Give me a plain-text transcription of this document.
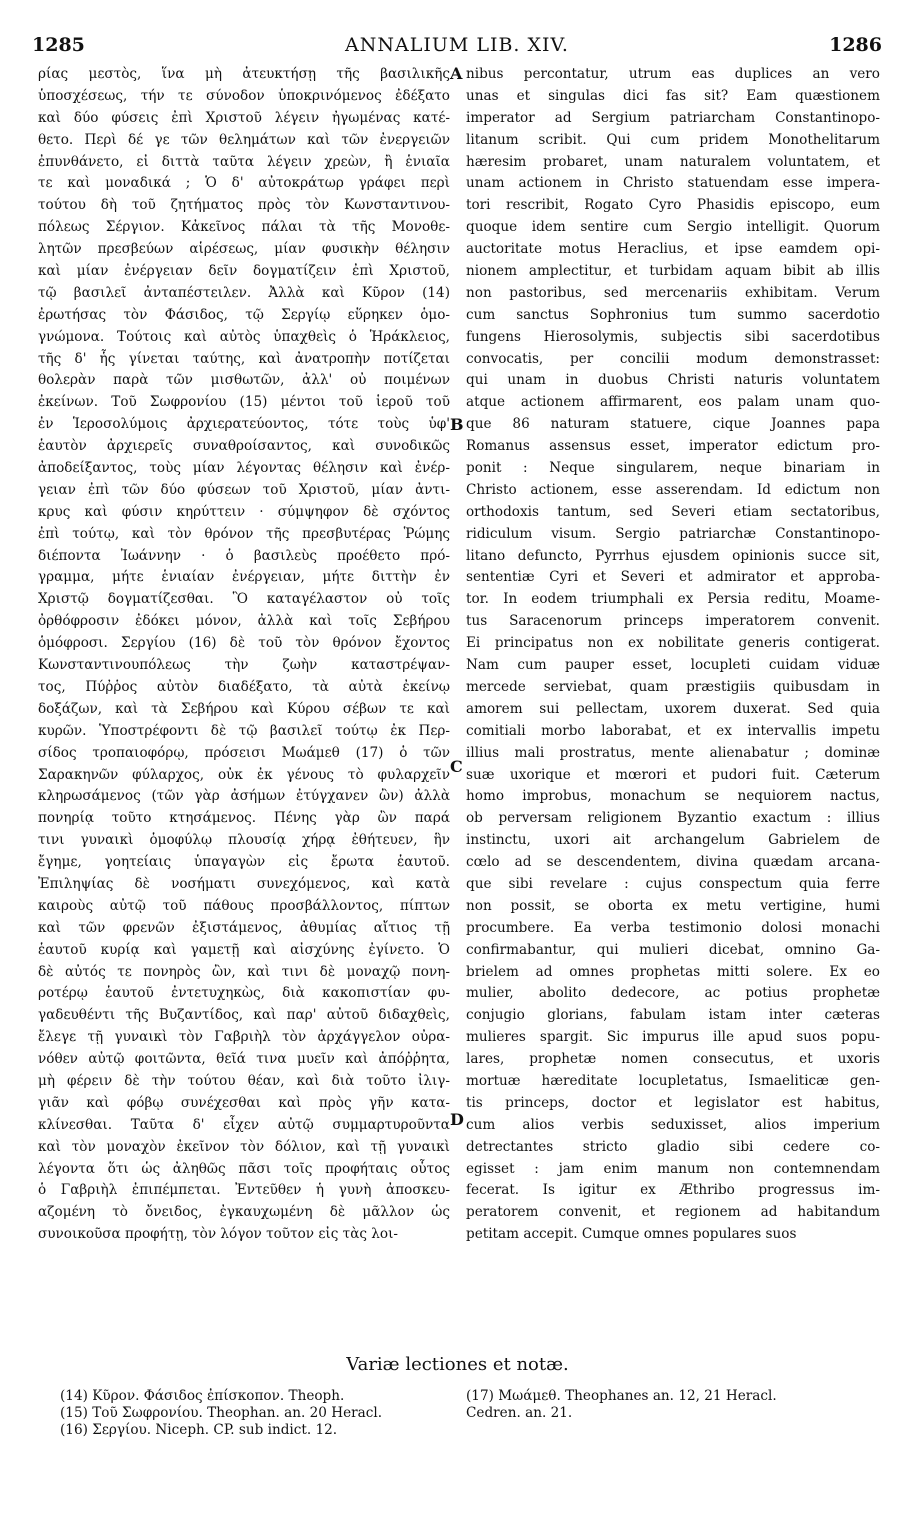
1285	ANNALIUM LIB. XIV.	1286
ρίας μεστὸς, ἵνα μὴ ἀτευκτήσῃ τῆς βασιλικῆς
ὑποσχέσεως, τήν τε σύνοδον ὑποκρινόμενος ἐδέξατο
καὶ δύο φύσεις ἐπὶ Χριστοῦ λέγειν ἠγωμένας κατέ-
θετο. Περὶ δέ γε τῶν θελημάτων καὶ τῶν ἐνεργειῶν
ἐπυνθάνετο, εἰ διττὰ ταῦτα λέγειν χρεὼν, ἢ ἑνιαῖα
τε καὶ μοναδικά ; Ὁ δ' αὐτοκράτωρ γράφει περὶ
τούτου δὴ τοῦ ζητήματος πρὸς τὸν Κωνσταντινου-
πόλεως Σέργιον. Κἀκεῖνος πάλαι τὰ τῆς Μονοθε-
λητῶν πρεσβεύων αἱρέσεως, μίαν φυσικὴν θέλησιν
καὶ μίαν ἐνέργειαν δεῖν δογματίζειν ἐπὶ Χριστοῦ,
τῷ βασιλεῖ ἀνταπέστειλεν. Ἀλλὰ καὶ Κῦρον (14)
ἐρωτήσας τὸν Φάσιδος, τῷ Σεργίῳ εὕρηκεν ὁμο-
γνώμονα. Τούτοις καὶ αὐτὸς ὑπαχθεὶς ὁ Ἡράκλειος,
τῆς δ' ἧς γίνεται ταύτης, καὶ ἀνατροπὴν ποτίζεται
θολερὰν παρὰ τῶν μισθωτῶν, ἀλλ' οὐ ποιμένων
ἐκείνων. Τοῦ Σωφρονίου (15) μέντοι τοῦ ἱεροῦ τοῦ
ἐν Ἱεροσολύμοις ἀρχιερατεύοντος, τότε τοὺς ὑφ'
ἑαυτὸν ἀρχιερεῖς συναθροίσαντος, καὶ συνοδικῶς
ἀποδείξαντος, τοὺς μίαν λέγοντας θέλησιν καὶ ἐνέρ-
γειαν ἐπὶ τῶν δύο φύσεων τοῦ Χριστοῦ, μίαν ἀντι-
κρυς καὶ φύσιν κηρύττειν · σύμψηφον δὲ σχόντος
ἐπὶ τούτῳ, καὶ τὸν θρόνον τῆς πρεσβυτέρας Ῥώμης
διέποντα Ἰωάννην · ὁ βασιλεὺς προέθετο πρό-
γραμμα, μήτε ἑνιαίαν ἐνέργειαν, μήτε διττὴν ἐν
Χριστῷ δογματίζεσθαι. Ὃ καταγέλαστον οὐ τοῖς
ὀρθόφροσιν ἐδόκει μόνον, ἀλλὰ καὶ τοῖς Σεβήρου
ὁμόφροσι. Σεργίου (16) δὲ τοῦ τὸν θρόνον ἔχοντος
Κωνσταντινουπόλεως τὴν ζωὴν καταστρέψαν-
τος, Πύῤῥος αὐτὸν διαδέξατο, τὰ αὐτὰ ἐκείνῳ
δοξάζων, καὶ τὰ Σεβήρου καὶ Κύρου σέβων τε καὶ
κυρῶν. Ὑποστρέφοντι δὲ τῷ βασιλεῖ τούτῳ ἐκ Περ-
σίδος τροπαιοφόρῳ, πρόσεισι Μωάμεθ (17) ὁ τῶν
Σαρακηνῶν φύλαρχος, οὐκ ἐκ γένους τὸ φυλαρχεῖν
κληρωσάμενος (τῶν γὰρ ἀσήμων ἐτύγχανεν ὢν) ἀλλὰ
πονηρίᾳ τοῦτο κτησάμενος. Πένης γὰρ ὢν παρά
τινι γυναικὶ ὁμοφύλῳ πλουσίᾳ χήρᾳ ἐθήτευεν, ἣν
ἔγημε, γοητείαις ὑπαγαγὼν εἰς ἔρωτα ἑαυτοῦ.
Ἐπιληψίας δὲ νοσήματι συνεχόμενος, καὶ κατὰ
καιροὺς αὐτῷ τοῦ πάθους προσβάλλοντος, πίπτων
καὶ τῶν φρενῶν ἐξιστάμενος, ἀθυμίας αἴτιος τῇ
ἑαυτοῦ κυρίᾳ καὶ γαμετῇ καὶ αἰσχύνης ἐγίνετο. Ὁ
δὲ αὐτός τε πονηρὸς ὢν, καὶ τινι δὲ μοναχῷ πονη-
ροτέρῳ ἑαυτοῦ ἐντετυχηκὼς, διὰ κακοπιστίαν φυ-
γαδευθέντι τῆς Βυζαντίδος, καὶ παρ' αὐτοῦ διδαχθεὶς,
ἔλεγε τῇ γυναικὶ τὸν Γαβριὴλ τὸν ἀρχάγγελον οὐρα-
νόθεν αὐτῷ φοιτῶντα, θεῖά τινα μυεῖν καὶ ἀπόῤῥητα,
μὴ φέρειν δὲ τὴν τούτου θέαν, καὶ διὰ τοῦτο ἰλιγ-
γιᾶν καὶ φόβῳ συνέχεσθαι καὶ πρὸς γῆν κατα-
κλίνεσθαι. Ταῦτα δ' εἶχεν αὐτῷ συμμαρτυροῦντα
καὶ τὸν μοναχὸν ἐκεῖνον τὸν δόλιον, καὶ τῇ γυναικὶ
λέγοντα ὅτι ὡς ἀληθῶς πᾶσι τοῖς προφήταις οὗτος
ὁ Γαβριὴλ ἐπιπέμπεται. Ἐντεῦθεν ἡ γυνὴ ἀποσκευ-
αζομένη τὸ ὄνειδος, ἐγκαυχωμένη δὲ μᾶλλον ὡς
συνοικοῦσα προφήτῃ, τὸν λόγον τοῦτον εἰς τὰς λοι-
nibus percontatur, utrum eas duplices an vero
unas et singulas dici fas sit? Eam quæstionem
imperator ad Sergium patriarcham Constantinopo-
litanum scribit. Qui cum pridem Monothelitarum
hæresim probaret, unam naturalem voluntatem, et
unam actionem in Christo statuendam esse impera-
tori rescribit, Rogato Cyro Phasidis episcopo, eum
quoque idem sentire cum Sergio intelligit. Quorum
auctoritate motus Heraclius, et ipse eamdem opi-
nionem amplectitur, et turbidam aquam bibit ab illis
non pastoribus, sed mercenariis exhibitam. Verum
cum sanctus Sophronius tum summo sacerdotio
fungens Hierosolymis, subjectis sibi sacerdotibus
convocatis, per concilii modum demonstrasset:
qui unam in duobus Christi naturis voluntatem
atque actionem affirmarent, eos palam unam quo-
que 86 naturam statuere, cique Joannes papa
Romanus assensus esset, imperator edictum pro-
ponit : Neque singularem, neque binariam in
Christo actionem, esse asserendam. Id edictum non
orthodoxis tantum, sed Severi etiam sectatoribus,
ridiculum visum. Sergio patriarchæ Constantinopo-
litano defuncto, Pyrrhus ejusdem opinionis succe sit,
sententiæ Cyri et Severi et admirator et approba-
tor. In eodem triumphali ex Persia reditu, Moame-
tus Saracenorum princeps imperatorem convenit.
Ei principatus non ex nobilitate generis contigerat.
Nam cum pauper esset, locupleti cuidam viduæ
mercede serviebat, quam præstigiis quibusdam in
amorem sui pellectam, uxorem duxerat. Sed quia
comitiali morbo laborabat, et ex intervallis impetu
illius mali prostratus, mente alienabatur ; dominæ
suæ uxorique et mœrori et pudori fuit. Cæterum
homo improbus, monachum se nequiorem nactus,
ob perversam religionem Byzantio exactum : illius
instinctu, uxori ait archangelum Gabrielem de
cœlo ad se descendentem, divina quædam arcana-
que sibi revelare : cujus conspectum quia ferre
non possit, se oborta ex metu vertigine, humi
procumbere. Ea verba testimonio dolosi monachi
confirmabantur, qui mulieri dicebat, omnino Ga-
brielem ad omnes prophetas mitti solere. Ex eo
mulier, abolito dedecore, ac potius prophetæ
conjugio glorians, fabulam istam inter cæteras
mulieres spargit. Sic impurus ille apud suos popu-
lares, prophetæ nomen consecutus, et uxoris
mortuæ hæreditate locupletatus, Ismaeliticæ gen-
tis princeps, doctor et legislator est habitus,
cum alios verbis seduxisset, alios imperium
detrectantes stricto gladio sibi cedere co-
egisset : jam enim manum non contemnendam
fecerat. Is igitur ex Æthribo progressus im-
peratorem convenit, et regionem ad habitandum
petitam accepit. Cumque omnes populares suos
A
B
C
D
Variæ lectiones et notæ.
(14) Κῦρον. Φάσιδος ἐπίσκοπον. Theoph.
(15) Τοῦ Σωφρονίου. Theophan. an. 20 Heracl.
(16) Σεργίου. Niceph. CP. sub indict. 12.
(17) Μωάμεθ. Theophanes an. 12, 21 Heracl.
Cedren. an. 21.
